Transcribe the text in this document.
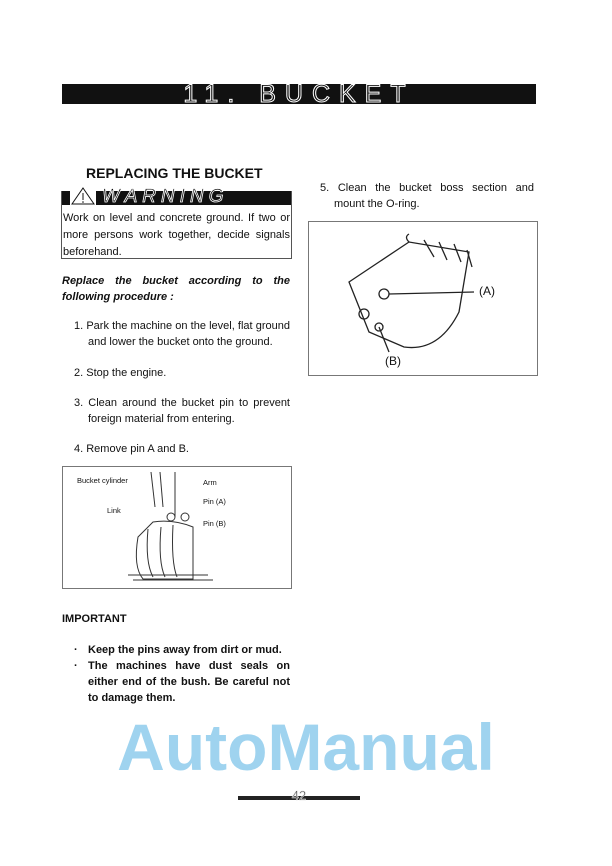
11. BUCKET
REPLACING THE BUCKET
WARNING
Work on level and concrete ground. If two or more persons work together, decide signals beforehand.
Replace the bucket according to the following procedure :
1. Park the machine on the level, flat ground and lower the bucket onto the ground.
2. Stop the engine.
3. Clean around the bucket pin to prevent foreign material from entering.
4. Remove pin A and B.
Bucket cylinder	Arm
Link
Pin (A)
Pin (B)
IMPORTANT
· Keep the pins away from dirt or mud.
· The machines have dust seals on either end of the bush. Be careful not to damage them.
5. Clean the bucket boss section and mount the O-ring.
(A)
(B)
AutoManual
42
